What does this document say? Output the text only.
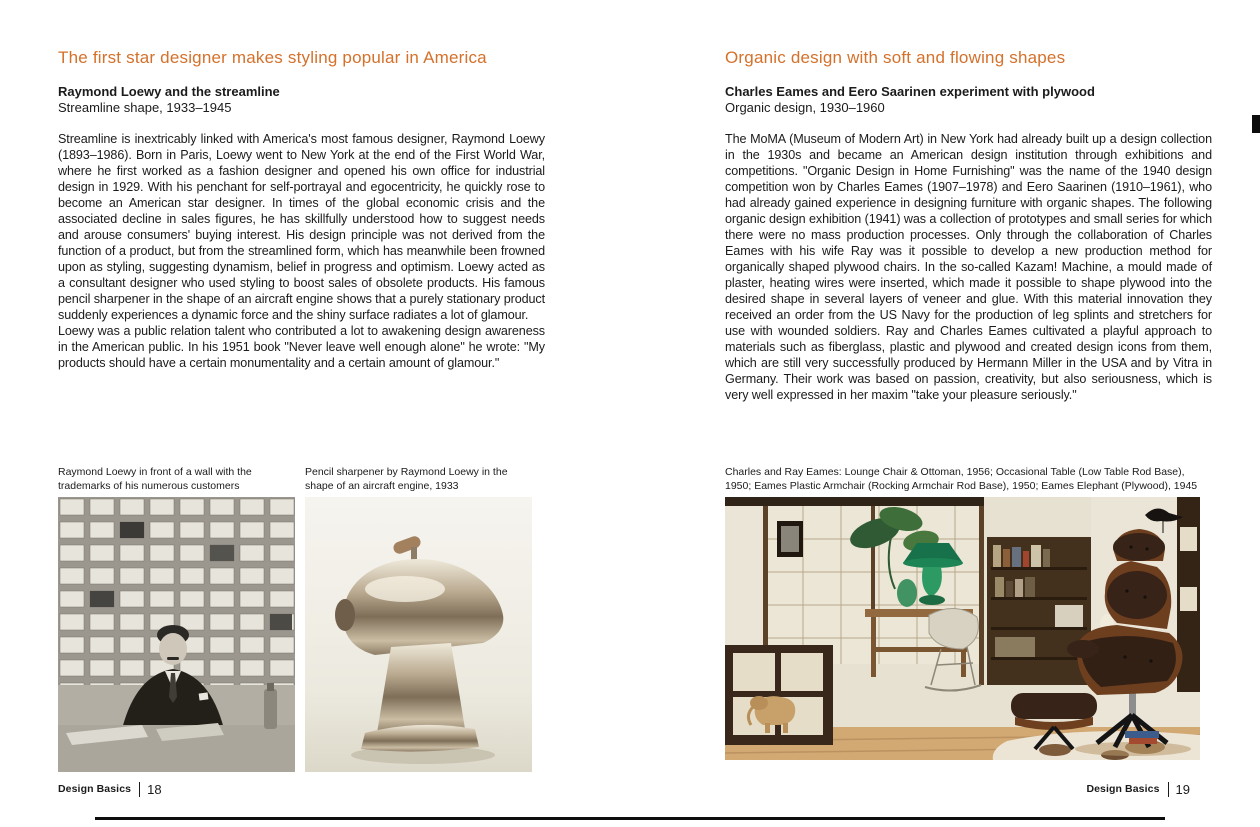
The first star designer makes styling popular in America
Raymond Loewy and the streamline

Streamline shape, 1933–1945

Streamline is inextricably linked with America's most famous designer, Raymond Loewy (1893–1986). Born in Paris, Loewy went to New York at the end of the First World War, where he first worked as a fashion designer and opened his own office for industrial design in 1929. With his penchant for self-portrayal and egocentricity, he quickly rose to become an American star designer. In times of the global economic crisis and the associated decline in sales figures, he has skillfully understood how to suggest needs and arouse consumers' buying interest. His design principle was not derived from the function of a product, but from the streamlined form, which has meanwhile been frowned upon as styling, suggesting dynamism, belief in progress and optimism. Loewy acted as a consultant designer who used styling to boost sales of obsolete products. His famous pencil sharpener in the shape of an aircraft engine shows that a purely stationary product suddenly experiences a dynamic force and the shiny surface radiates a lot of glamour.

Loewy was a public relation talent who contributed a lot to awakening design awareness in the American public. In his 1951 book "Never leave well enough alone" he wrote: "My products should have a certain monumentality and a certain amount of glamour."

Raymond Loewy in front of a wall with the trademarks of his numerous customers
Pencil sharpener by Raymond Loewy in the shape of an aircraft engine, 1933
Organic design with soft and flowing shapes
Charles Eames and Eero Saarinen experiment with plywood

Organic design, 1930–1960

The MoMA (Museum of Modern Art) in New York had already built up a design collection in the 1930s and became an American design institution through exhibitions and competitions. "Organic Design in Home Furnishing" was the name of the 1940 design competition won by Charles Eames (1907–1978) and Eero Saarinen (1910–1961), who had already gained experience in designing furniture with organic shapes. The following organic design exhibition (1941) was a collection of prototypes and small series for which there were no mass production processes. Only through the collaboration of Charles Eames with his wife Ray was it possible to develop a new production method for organically shaped plywood chairs. In the so-called Kazam! Machine, a mould made of plaster, heating wires were inserted, which made it possible to shape plywood into the desired shape in several layers of veneer and glue. With this material innovation they received an order from the US Navy for the production of leg splints and stretchers for use with wounded soldiers. Ray and Charles Eames cultivated a playful approach to materials such as fiberglass, plastic and plywood and created design icons from them, which are still very successfully produced by Hermann Miller in the USA and by Vitra in Germany. Their work was based on passion, creativity, but also seriousness, which is very well expressed in her maxim "take your pleasure seriously."

Charles and Ray Eames: Lounge Chair & Ottoman, 1956; Occasional Table (Low Table Rod Base), 1950; Eames Plastic Armchair (Rocking Armchair Rod Base), 1950; Eames Elephant (Plywood), 1945
Design Basics 18	Design Basics 19
